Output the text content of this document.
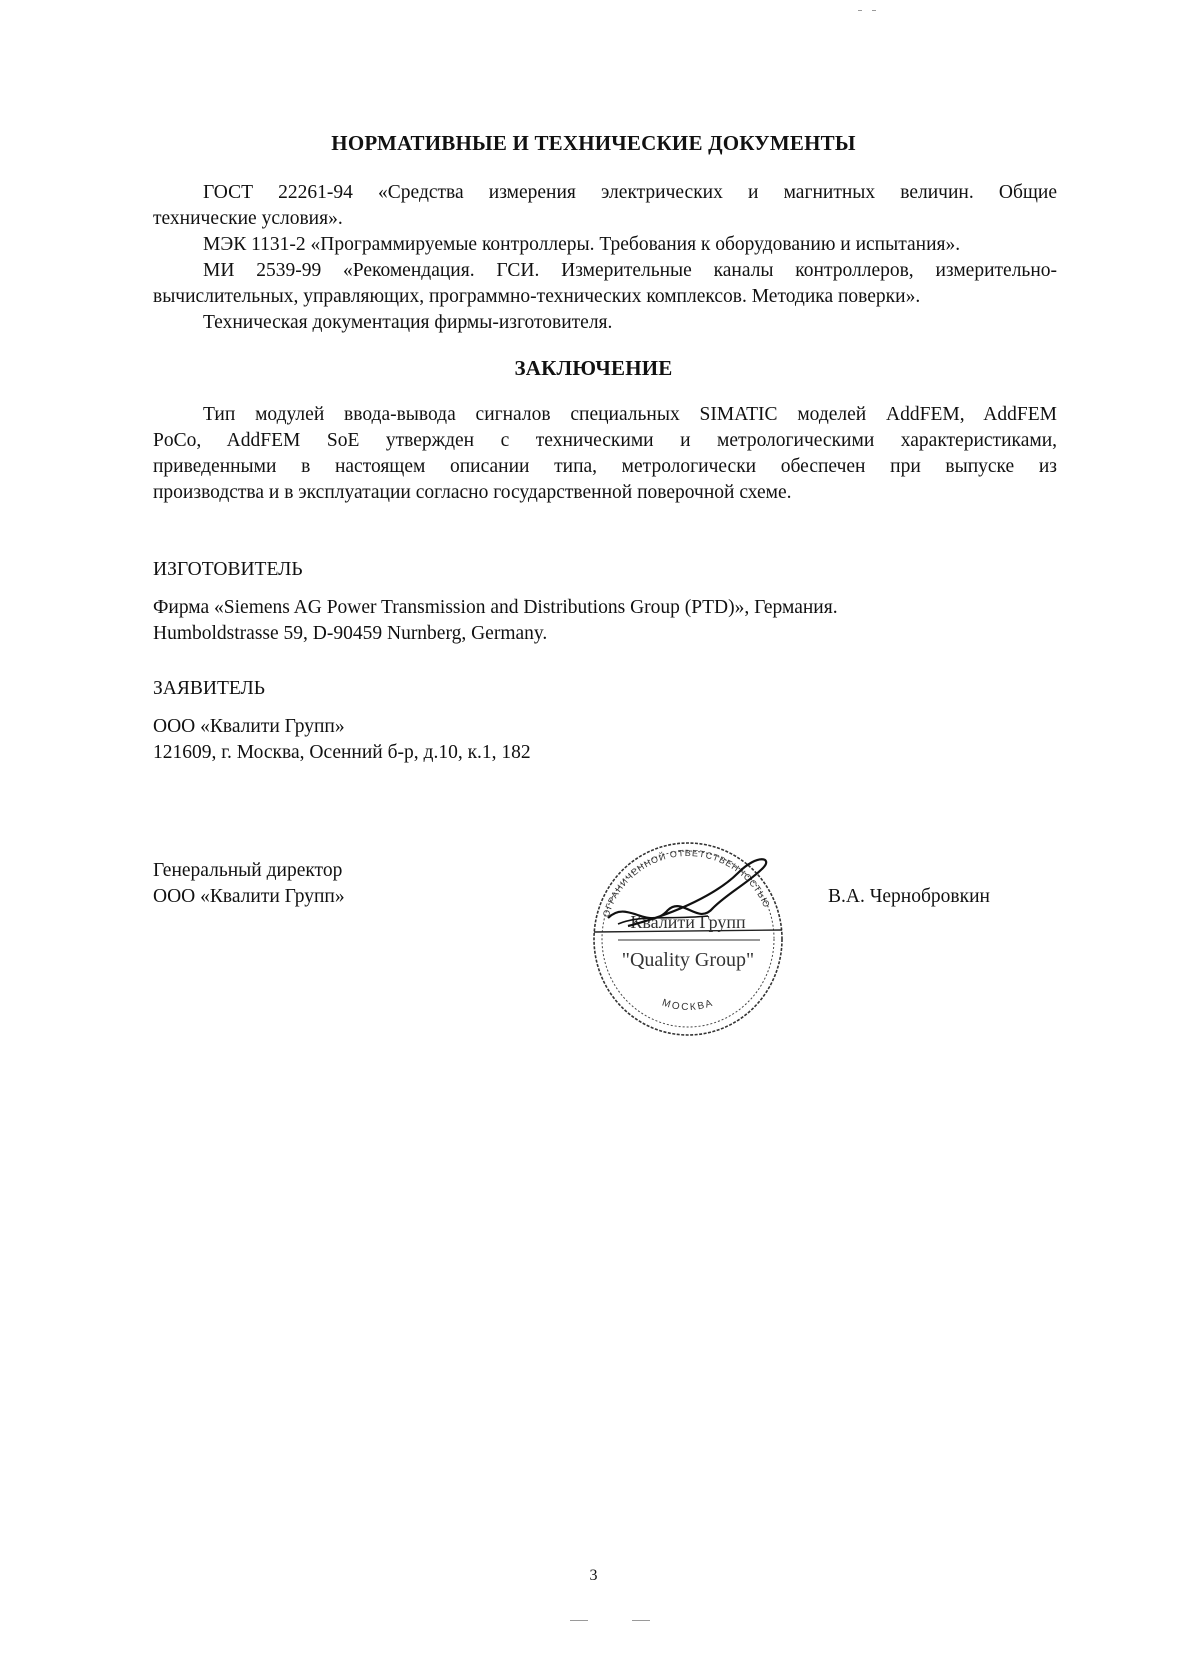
НОРМАТИВНЫЕ И ТЕХНИЧЕСКИЕ ДОКУМЕНТЫ
ГОСТ 22261-94 «Средства измерения электрических и магнитных величин. Общие
технические условия».
МЭК 1131-2 «Программируемые контроллеры. Требования к оборудованию и испытания».
МИ 2539-99 «Рекомендация. ГСИ. Измерительные каналы контроллеров, измерительно-
вычислительных, управляющих, программно-технических комплексов. Методика поверки».
Техническая документация фирмы-изготовителя.
ЗАКЛЮЧЕНИЕ
Тип модулей ввода-вывода сигналов специальных SIMATIC моделей AddFEM, AddFEM
PoCo, AddFEM SoE утвержден с техническими и метрологическими характеристиками,
приведенными в настоящем описании типа, метрологически обеспечен при выпуске из
производства и в эксплуатации согласно государственной поверочной схеме.
ИЗГОТОВИТЕЛЬ
Фирма «Siemens AG Power Transmission and Distributions Group (PTD)», Германия.
Humboldstrasse 59, D-90459 Nurnberg, Germany.
ЗАЯВИТЕЛЬ
ООО «Квалити Групп»
121609, г. Москва, Осенний б-р, д.10, к.1, 182
Генеральный директор
ООО «Квалити Групп»	В.А. Чернобровкин
ОГРАНИЧЕННОЙ ОТВЕТСТВЕННОСТЬЮ
МОСКВА
Квалити Групп
"Quality Group"
3
